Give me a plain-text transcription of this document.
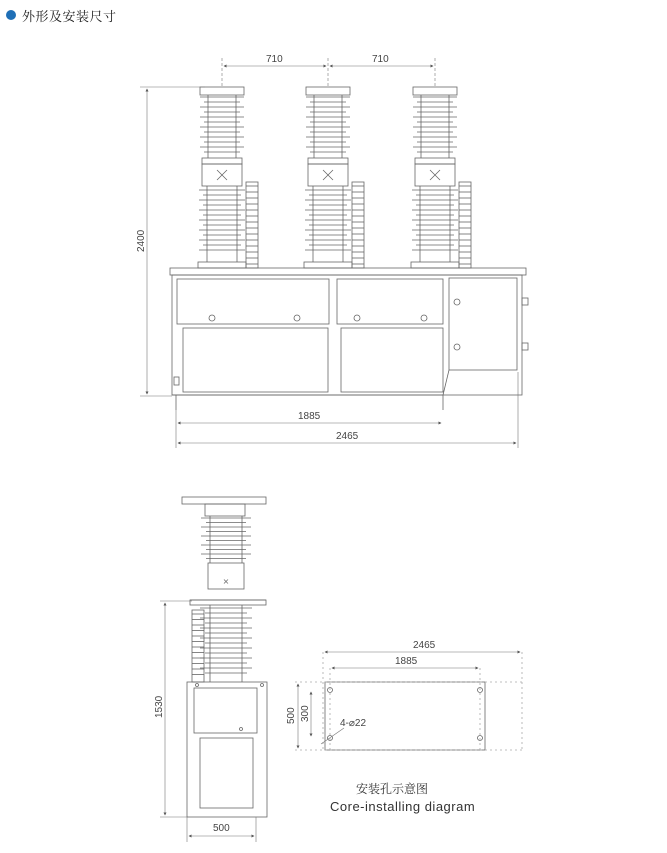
外形及安装尺寸
710	710
2400
1885
2465
⨯
1530
500
2465
1885
500 300
4-⌀22
安装孔示意图
Core-installing diagram
